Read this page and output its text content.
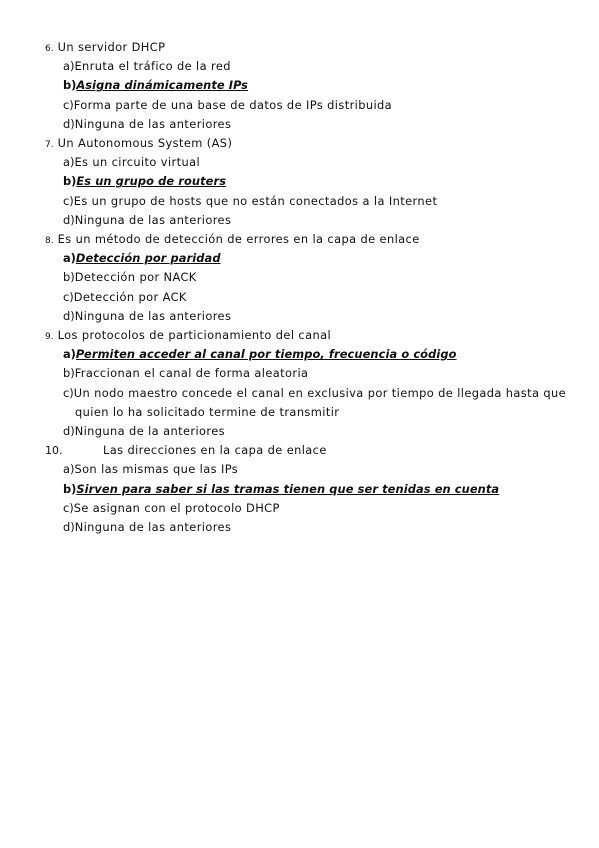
6. Un servidor DHCP
a)Enruta el tráfico de la red
b)Asigna dinámicamente IPs
c)Forma parte de una base de datos de IPs distribuida
d)Ninguna de las anteriores
7. Un Autonomous System (AS)
a)Es un circuito virtual
b)Es un grupo de routers
c)Es un grupo de hosts que no están conectados a la Internet
d)Ninguna de las anteriores
8. Es un método de detección de errores en la capa de enlace
a)Detección por paridad
b)Detección por NACK
c)Detección por ACK
d)Ninguna de las anteriores
9. Los protocolos de particionamiento del canal
a)Permiten acceder al canal por tiempo, frecuencia o código
b)Fraccionan el canal de forma aleatoria
c)Un nodo maestro concede el canal en exclusiva por tiempo de llegada hasta que quien lo ha solicitado termine de transmitir
d)Ninguna de la anteriores
10.	Las direcciones en la capa de enlace
a)Son las mismas que las IPs
b)Sirven para saber si las tramas tienen que ser tenidas en cuenta
c)Se asignan con el protocolo DHCP
d)Ninguna de las anteriores
